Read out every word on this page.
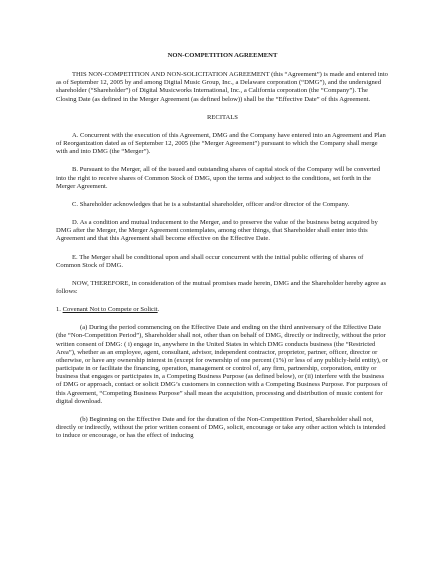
NON-COMPETITION AGREEMENT

THIS NON-COMPETITION AND NON-SOLICITATION AGREEMENT (this “Agreement”) is made and entered into as of September 12, 2005 by and among Digital Music Group, Inc., a Delaware corporation (“DMG”), and the undersigned shareholder (“Shareholder”) of Digital Musicworks International, Inc., a California corporation (the “Company”). The Closing Date (as defined in the Merger Agreement (as defined below)) shall be the “Effective Date” of this Agreement.

RECITALS

A. Concurrent with the execution of this Agreement, DMG and the Company have entered into an Agreement and Plan of Reorganization dated as of September 12, 2005 (the “Merger Agreement”) pursuant to which the Company shall merge with and into DMG (the “Merger”).

B. Pursuant to the Merger, all of the issued and outstanding shares of capital stock of the Company will be converted into the right to receive shares of Common Stock of DMG, upon the terms and subject to the conditions, set forth in the Merger Agreement.

C. Shareholder acknowledges that he is a substantial shareholder, officer and/or director of the Company.

D. As a condition and mutual inducement to the Merger, and to preserve the value of the business being acquired by DMG after the Merger, the Merger Agreement contemplates, among other things, that Shareholder shall enter into this Agreement and that this Agreement shall become effective on the Effective Date.

E. The Merger shall be conditional upon and shall occur concurrent with the initial public offering of shares of Common Stock of DMG.

NOW, THEREFORE, in consideration of the mutual promises made herein, DMG and the Shareholder hereby agree as follows:

1. Covenant Not to Compete or Solicit.

(a) During the period commencing on the Effective Date and ending on the third anniversary of the Effective Date (the “Non-Competition Period”), Shareholder shall not, other than on behalf of DMG, directly or indirectly, without the prior written consent of DMG: ( i) engage in, anywhere in the United States in which DMG conducts business (the “Restricted Area”), whether as an employee, agent, consultant, advisor, independent contractor, proprietor, partner, officer, director or otherwise, or have any ownership interest in (except for ownership of one percent (1%) or less of any publicly-held entity), or participate in or facilitate the financing, operation, management or control of, any firm, partnership, corporation, entity or business that engages or participates in, a Competing Business Purpose (as defined below), or (ii) interfere with the business of DMG or approach, contact or solicit DMG’s customers in connection with a Competing Business Purpose. For purposes of this Agreement, “Competing Business Purpose” shall mean the acquisition, processing and distribution of music content for digital download.

(b) Beginning on the Effective Date and for the duration of the Non-Competition Period, Shareholder shall not, directly or indirectly, without the prior written consent of DMG, solicit, encourage or take any other action which is intended to induce or encourage, or has the effect of inducing
